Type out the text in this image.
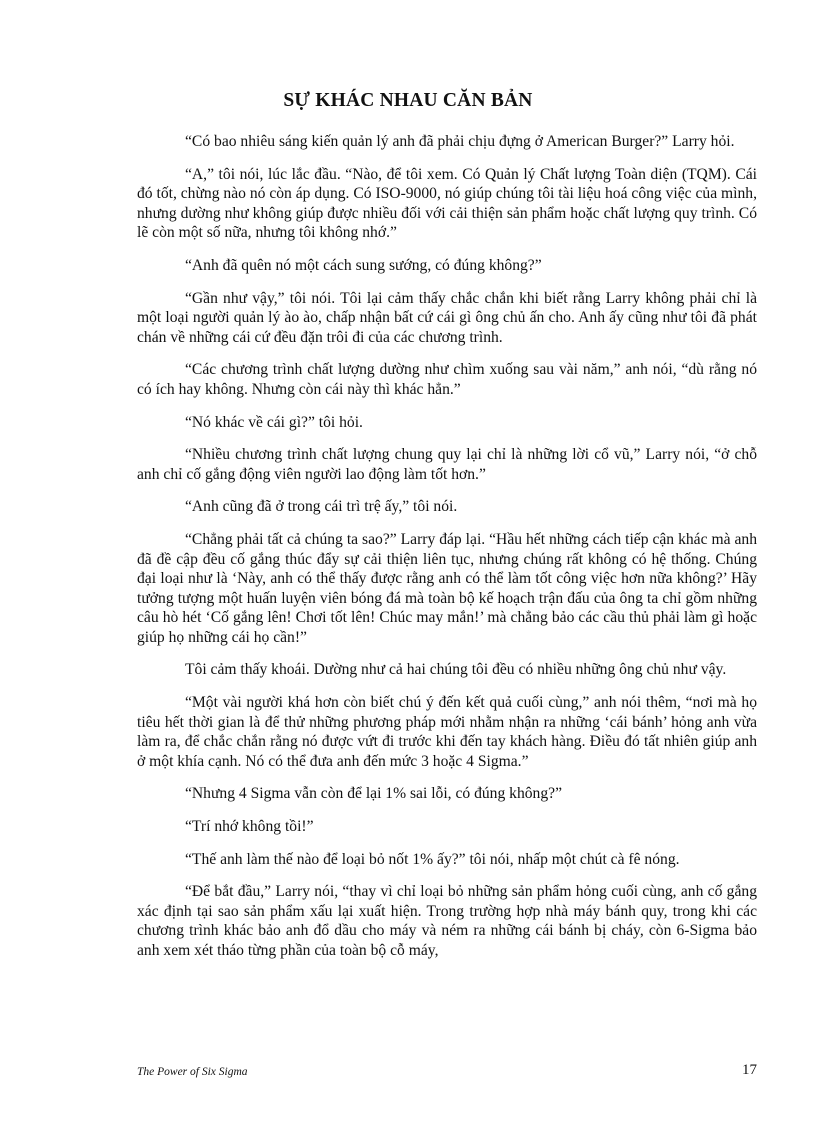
SỰ KHÁC NHAU CĂN BẢN

“Có bao nhiêu sáng kiến quản lý anh đã phải chịu đựng ở American Burger?” Larry hỏi.

“A,” tôi nói, lúc lắc đầu. “Nào, để tôi xem. Có Quản lý Chất lượng Toàn diện (TQM). Cái đó tốt, chừng nào nó còn áp dụng. Có ISO-9000, nó giúp chúng tôi tài liệu hoá công việc của mình, nhưng dường như không giúp được nhiều đối với cải thiện sản phẩm hoặc chất lượng quy trình. Có lẽ còn một số nữa, nhưng tôi không nhớ.”

“Anh đã quên nó một cách sung sướng, có đúng không?”

“Gần như vậy,” tôi nói. Tôi lại cảm thấy chắc chắn khi biết rằng Larry không phải chỉ là một loại người quản lý ào ào, chấp nhận bất cứ cái gì ông chủ ấn cho. Anh ấy cũng như tôi đã phát chán về những cái cứ đều đặn trôi đi của các chương trình.

“Các chương trình chất lượng dường như chìm xuống sau vài năm,” anh nói, “dù rằng nó có ích hay không. Nhưng còn cái này thì khác hẳn.”

“Nó khác về cái gì?” tôi hỏi.

“Nhiều chương trình chất lượng chung quy lại chỉ là những lời cổ vũ,” Larry nói, “ở chỗ anh chỉ cố gắng động viên người lao động làm tốt hơn.”

“Anh cũng đã ở trong cái trì trệ ấy,” tôi nói.

“Chẳng phải tất cả chúng ta sao?” Larry đáp lại. “Hầu hết những cách tiếp cận khác mà anh đã đề cập đều cố gắng thúc đẩy sự cải thiện liên tục, nhưng chúng rất không có hệ thống. Chúng đại loại như là ‘Này, anh có thể thấy được rằng anh có thể làm tốt công việc hơn nữa không?’ Hãy tưởng tượng một huấn luyện viên bóng đá mà toàn bộ kế hoạch trận đấu của ông ta chỉ gồm những câu hò hét ‘Cố gắng lên! Chơi tốt lên! Chúc may mắn!’ mà chẳng bảo các cầu thủ phải làm gì hoặc giúp họ những cái họ cần!”

Tôi cảm thấy khoái. Dường như cả hai chúng tôi đều có nhiều những ông chủ như vậy.

“Một vài người khá hơn còn biết chú ý đến kết quả cuối cùng,” anh nói thêm, “nơi mà họ tiêu hết thời gian là để thử những phương pháp mới nhằm nhận ra những ‘cái bánh’ hỏng anh vừa làm ra, để chắc chắn rằng nó được vứt đi trước khi đến tay khách hàng. Điều đó tất nhiên giúp anh ở một khía cạnh. Nó có thể đưa anh đến mức 3 hoặc 4 Sigma.”

“Nhưng 4 Sigma vẫn còn để lại 1% sai lỗi, có đúng không?”

“Trí nhớ không tồi!”

“Thế anh làm thế nào để loại bỏ nốt 1% ấy?” tôi nói, nhấp một chút cà fê nóng.

“Để bắt đầu,” Larry nói, “thay vì chỉ loại bỏ những sản phẩm hỏng cuối cùng, anh cố gắng xác định tại sao sản phẩm xấu lại xuất hiện. Trong trường hợp nhà máy bánh quy, trong khi các chương trình khác bảo anh đổ dầu cho máy và ném ra những cái bánh bị cháy, còn 6-Sigma bảo anh xem xét tháo từng phần của toàn bộ cỗ máy,

The Power of Six Sigma	17
